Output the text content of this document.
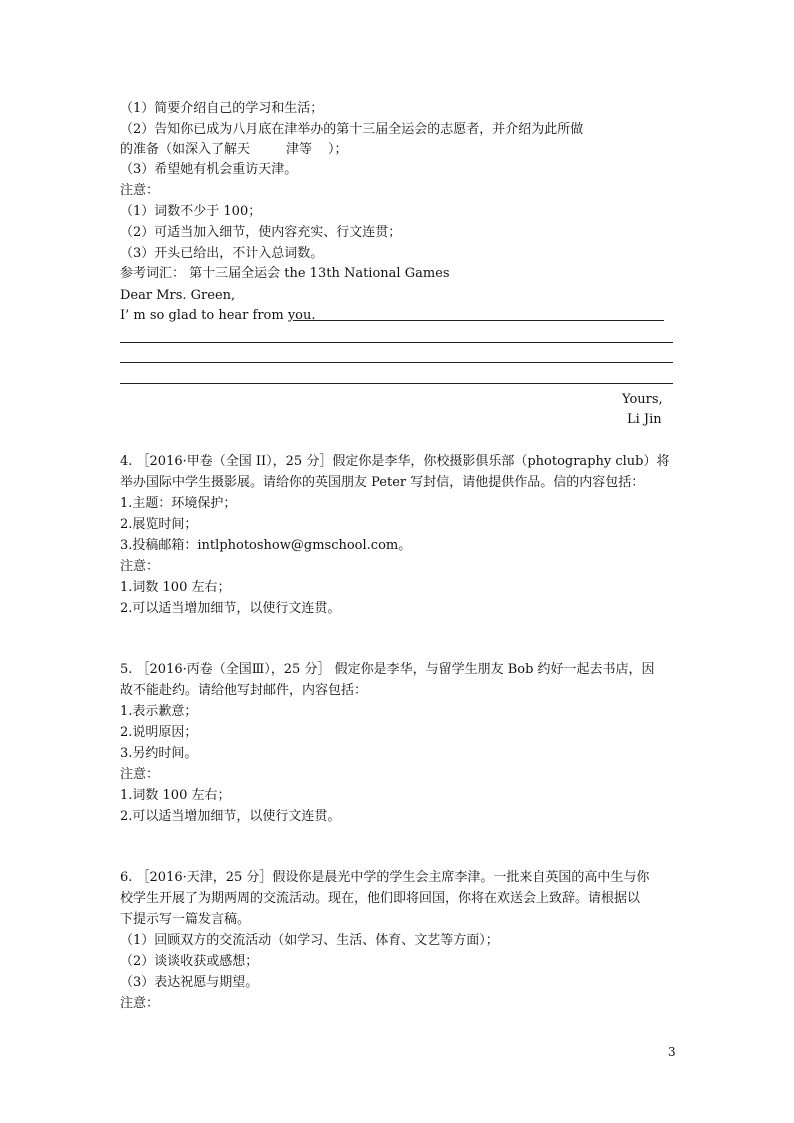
（1）简要介绍自己的学习和生活；
（2）告知你已成为八月底在津举办的第十三届全运会的志愿者，并介绍为此所做
的准备（如深入了解天	津等 ）；
（3）希望她有机会重访天津。
注意：
（1）词数不少于 100；
（2）可适当加入细节，使内容充实、行文连贯；
（3）开头已给出，不计入总词数。
参考词汇： 第十三届全运会 the 13th National Games
Dear Mrs. Green,
I’ m so glad to hear from you.
Yours,
Li Jin
4. ［2016·甲卷（全国 II），25 分］假定你是李华，你校摄影俱乐部（photography club）将
举办国际中学生摄影展。请给你的英国朋友 Peter 写封信，请他提供作品。信的内容包括：
1.主题：环境保护；
2.展览时间；
3.投稿邮箱：intlphotoshow@gmschool.com。
注意：
1.词数 100 左右；
2.可以适当增加细节，以使行文连贯。
5. ［2016·丙卷（全国Ⅲ），25 分］ 假定你是李华，与留学生朋友 Bob 约好一起去书店，因
故不能赴约。请给他写封邮件，内容包括：
1.表示歉意；
2.说明原因；
3.另约时间。
注意：
1.词数 100 左右；
2.可以适当增加细节，以使行文连贯。
6. ［2016·天津，25 分］假设你是晨光中学的学生会主席李津。一批来自英国的高中生与你
校学生开展了为期两周的交流活动。现在，他们即将回国，你将在欢送会上致辞。请根据以
下提示写一篇发言稿。
（1）回顾双方的交流活动（如学习、生活、体育、文艺等方面）；
（2）谈谈收获或感想；
（3）表达祝愿与期望。
注意：
3
